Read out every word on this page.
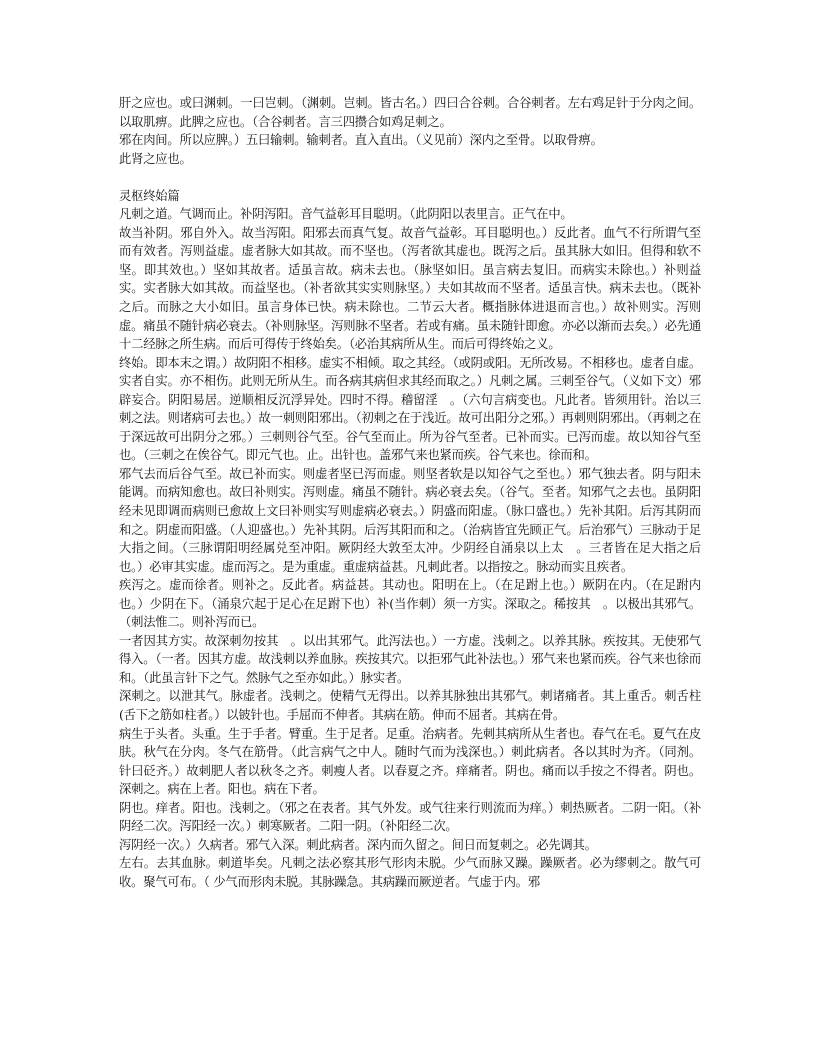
肝之应也。或曰渊刺。一曰岂刺。（渊刺。岂刺。皆古名。）四曰合谷刺。合谷刺者。左右鸡足针于分肉之间。以取肌痹。此脾之应也。（合谷刺者。言三四攒合如鸡足刺之。

邪在肉间。所以应脾。）五曰输刺。输刺者。直入直出。（义见前）深内之至骨。以取骨痹。

此肾之应也。

灵枢终始篇

凡刺之道。气调而止。补阴泻阳。音气益彰耳目聪明。（此阴阳以表里言。正气在中。

故当补阴。邪自外入。故当泻阳。阳邪去而真气复。故音气益彰。耳目聪明也。）反此者。血气不行所谓气至而有效者。泻则益虚。虚者脉大如其故。而不坚也。（泻者欲其虚也。既泻之后。虽其脉大如旧。但得和软不坚。即其效也。）坚如其故者。适虽言故。病未去也。（脉坚如旧。虽言病去复旧。而病实未除也。）补则益实。实者脉大如其故。而益坚也。（补者欲其实实则脉坚。）夫如其故而不坚者。适虽言快。病未去也。（既补之后。而脉之大小如旧。虽言身体已快。病未除也。二节云大者。概指脉体进退而言也。）故补则实。泻则虚。痛虽不随针病必衰去。（补则脉坚。泻则脉不坚者。若或有痛。虽未随针即愈。亦必以渐而去矣。）必先通十二经脉之所生病。而后可得传于终始矣。（必治其病所从生。而后可得终始之义。

终始。即本末之谓。）故阴阳不相移。虚实不相倾。取之其经。（或阴或阳。无所改易。不相移也。虚者自虚。实者自实。亦不相伤。此则无所从生。而各病其病但求其经而取之。）凡刺之属。三刺至谷气。（义如下文）邪辟妄合。阴阳易居。逆顺相反沉浮异处。四时不得。稽留淫　。（六句言病变也。凡此者。皆须用针。治以三刺之法。则诸病可去也。）故一刺则阳邪出。（初刺之在于浅近。故可出阳分之邪。）再刺则阴邪出。（再刺之在于深远故可出阴分之邪。）三刺则谷气至。谷气至而止。所为谷气至者。已补而实。已泻而虚。故以知谷气至也。（三刺之在俟谷气。即元气也。止。出针也。盖邪气来也紧而疾。谷气来也。徐而和。

邪气去而后谷气至。故已补而实。则虚者坚已泻而虚。则坚者软是以知谷气之至也。）邪气独去者。阴与阳未能调。而病知愈也。故曰补则实。泻则虚。痛虽不随针。病必衰去矣。（谷气。至者。知邪气之去也。虽阴阳经未见即调而病则已愈故上文曰补则实写则虚病必衰去。）阴盛而阳虚。（脉口盛也。）先补其阳。后泻其阴而和之。阴虚而阳盛。（人迎盛也。）先补其阴。后泻其阳而和之。（治病皆宜先顾正气。后治邪气）三脉动于足大指之间。（三脉谓阳明经属兑至冲阳。厥阴经大敦至太冲。少阴经自涌泉以上太　。三者皆在足大指之后也。）必审其实虚。虚而泻之。是为重虚。重虚病益甚。凡刺此者。以指按之。脉动而实且疾者。

疾泻之。虚而徐者。则补之。反此者。病益甚。其动也。阳明在上。（在足跗上也。）厥阴在内。（在足跗内也。）少阴在下。（涌泉穴起于足心在足跗下也）补(当作刺）须一方实。深取之。稀按其　。以极出其邪气。（刺法惟二。则补泻而已。

一者因其方实。故深刺勿按其　。以出其邪气。此泻法也。）一方虚。浅刺之。以养其脉。疾按其。无使邪气得入。（一者。因其方虚。故浅刺以养血脉。疾按其穴。以拒邪气此补法也。）邪气来也紧而疾。谷气来也徐而和。（此虽言针下之气。然脉气之至亦如此。）脉实者。

深刺之。以泄其气。脉虚者。浅刺之。使精气无得出。以养其脉独出其邪气。刺诸痛者。其上重舌。刺舌柱(舌下之筋如柱者。）以铍针也。手屈而不伸者。其病在筋。伸而不屈者。其病在骨。

病生于头者。头重。生于手者。臂重。生于足者。足重。治病者。先刺其病所从生者也。春气在毛。夏气在皮肤。秋气在分肉。冬气在筋骨。（此言病气之中人。随时气而为浅深也。）刺此病者。各以其时为齐。（同剂。针曰砭齐。）故刺肥人者以秋冬之齐。刺瘦人者。以春夏之齐。痒痛者。阴也。痛而以手按之不得者。阴也。深刺之。病在上者。阳也。病在下者。

阴也。痒者。阳也。浅刺之。（邪之在表者。其气外发。或气往来行则流而为痒。）刺热厥者。二阴一阳。（补阴经二次。泻阳经一次。）刺寒厥者。二阳一阴。（补阳经二次。

泻阴经一次。）久病者。邪气入深。刺此病者。深内而久留之。间日而复刺之。必先调其。

左右。去其血脉。刺道毕矣。凡刺之法必察其形气形肉未脱。少气而脉又躁。躁厥者。必为缪刺之。散气可收。聚气可布。（ 少气而形肉未脱。其脉躁急。其病躁而厥逆者。气虚于内。邪
